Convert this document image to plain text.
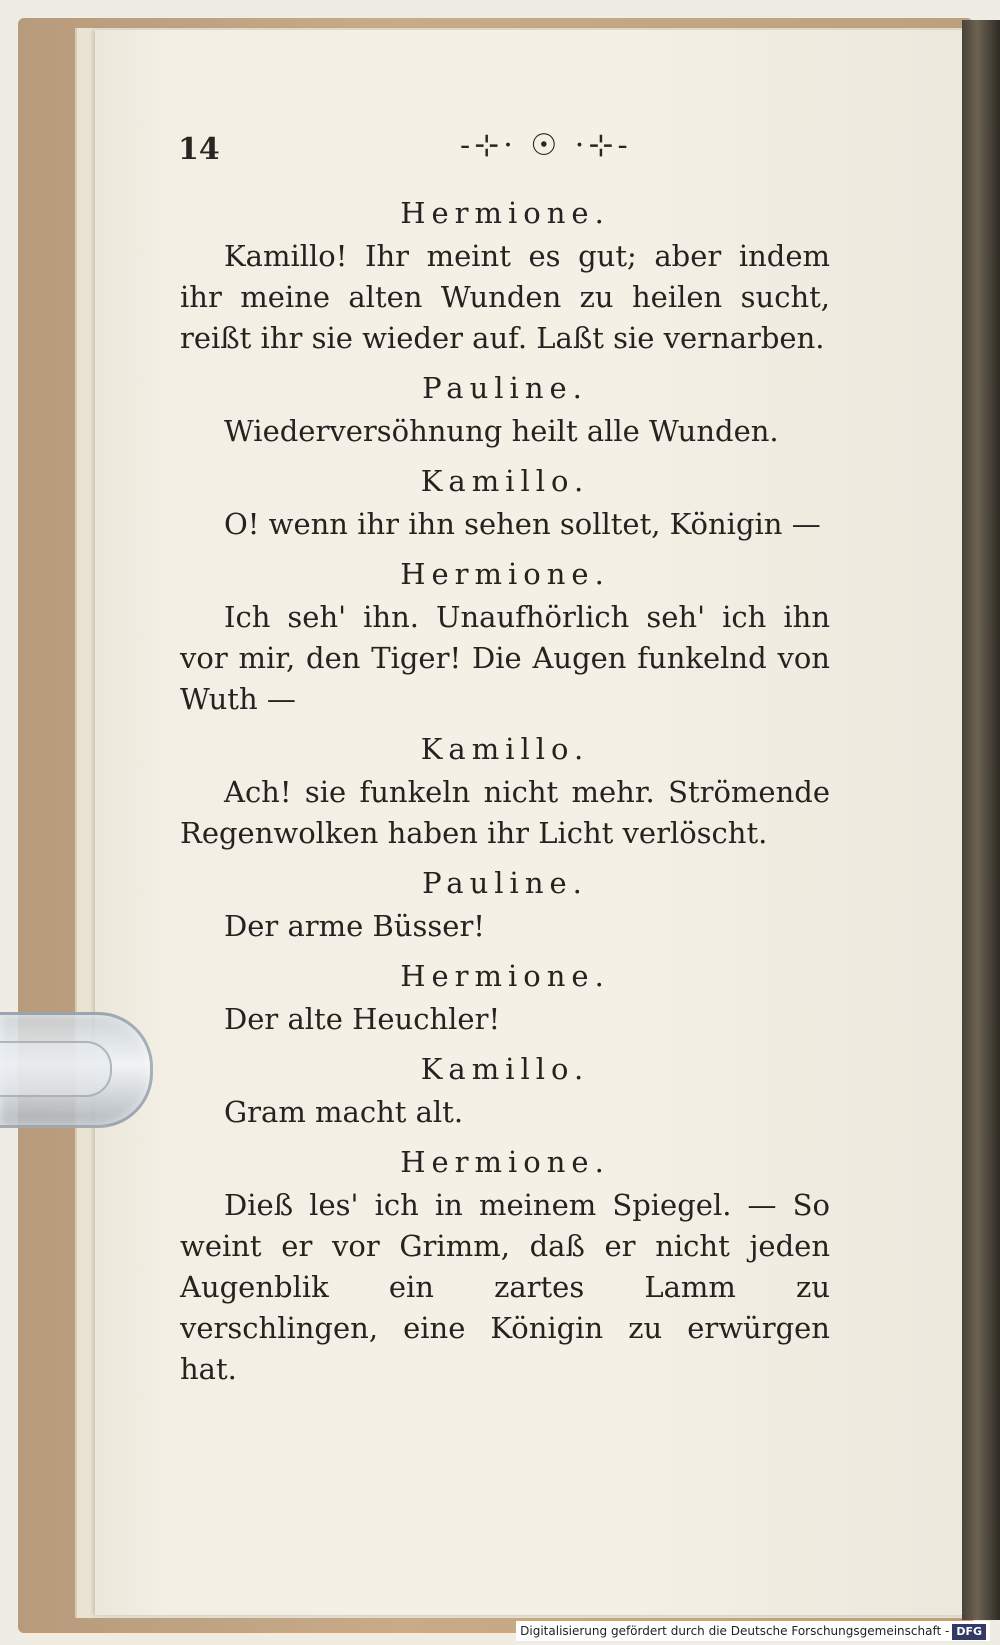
14	-⊹· ☉ ·⊹-
Hermione.

Kamillo! Ihr meint es gut; aber indem ihr meine alten Wunden zu heilen sucht, reißt ihr sie wieder auf. Laßt sie vernarben.

Pauline.

Wiederversöhnung heilt alle Wunden.

Kamillo.

O! wenn ihr ihn sehen solltet, Königin —

Hermione.

Ich seh' ihn. Unaufhörlich seh' ich ihn vor mir, den Tiger! Die Augen funkelnd von Wuth —

Kamillo.

Ach! sie funkeln nicht mehr. Strömende Regenwolken haben ihr Licht verlöscht.

Pauline.

Der arme Büsser!

Hermione.

Der alte Heuchler!

Kamillo.

Gram macht alt.

Hermione.

Dieß les' ich in meinem Spiegel. — So weint er vor Grimm, daß er nicht jeden Augenblik ein zartes Lamm zu verschlingen, eine Königin zu erwürgen hat.

Digitalisierung gefördert durch die Deutsche Forschungsgemeinschaft - DFG
